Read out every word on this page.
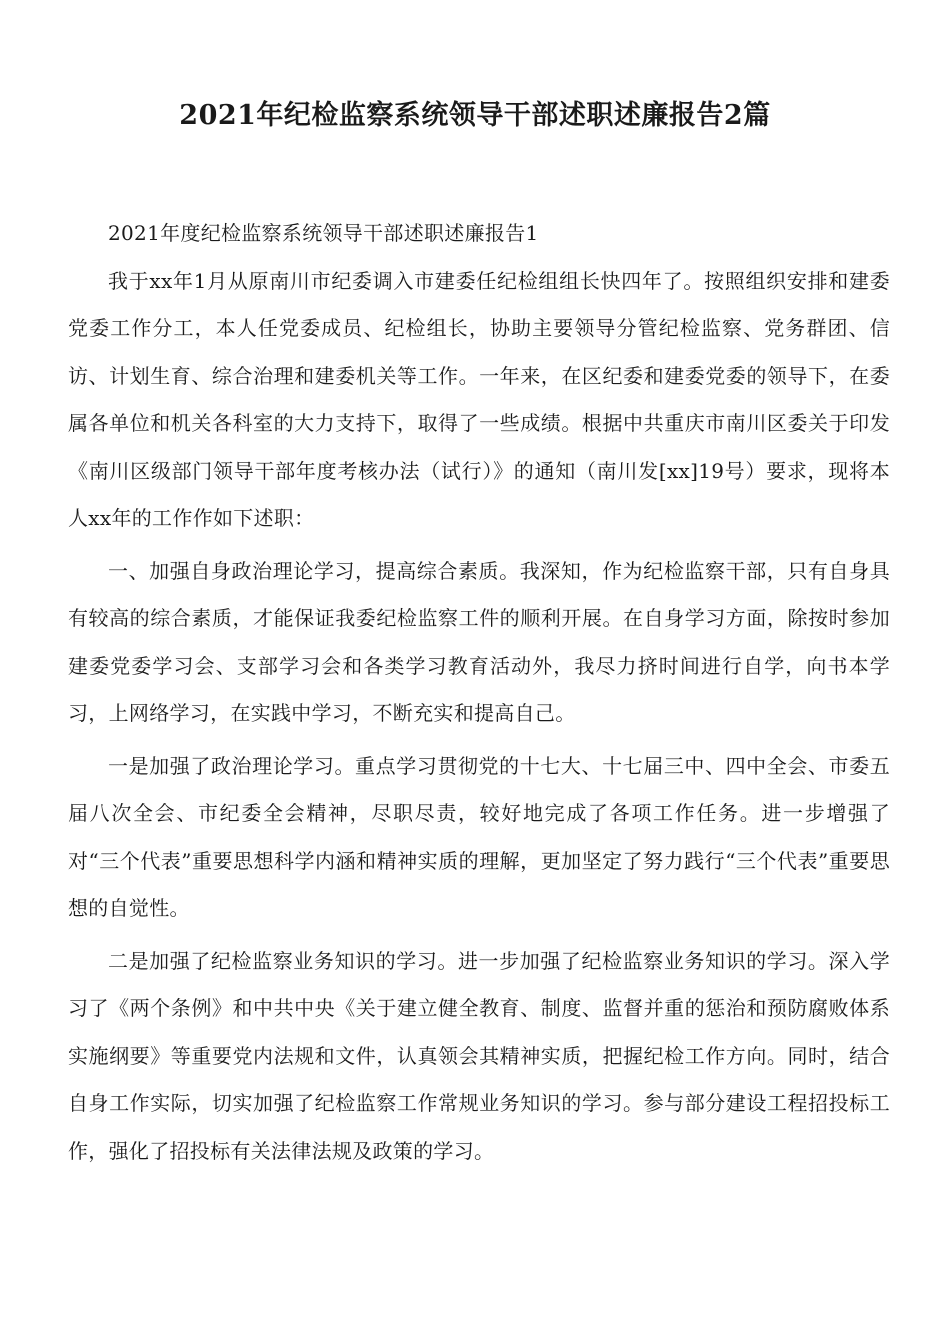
2021年纪检监察系统领导干部述职述廉报告2篇

2021年度纪检监察系统领导干部述职述廉报告1

我于xx年1月从原南川市纪委调入市建委任纪检组组长快四年了。按照组织安排和建委党委工作分工，本人任党委成员、纪检组长，协助主要领导分管纪检监察、党务群团、信访、计划生育、综合治理和建委机关等工作。一年来，在区纪委和建委党委的领导下，在委属各单位和机关各科室的大力支持下，取得了一些成绩。根据中共重庆市南川区委关于印发《南川区级部门领导干部年度考核办法（试行）》的通知（南川发[xx]19号）要求，现将本人xx年的工作作如下述职：

一、加强自身政治理论学习，提高综合素质。我深知，作为纪检监察干部，只有自身具有较高的综合素质，才能保证我委纪检监察工件的顺利开展。在自身学习方面，除按时参加建委党委学习会、支部学习会和各类学习教育活动外，我尽力挤时间进行自学，向书本学习，上网络学习，在实践中学习，不断充实和提高自己。

一是加强了政治理论学习。重点学习贯彻党的十七大、十七届三中、四中全会、市委五届八次全会、市纪委全会精神，尽职尽责，较好地完成了各项工作任务。进一步增强了对“三个代表”重要思想科学内涵和精神实质的理解，更加坚定了努力践行“三个代表”重要思想的自觉性。

二是加强了纪检监察业务知识的学习。进一步加强了纪检监察业务知识的学习。深入学习了《两个条例》和中共中央《关于建立健全教育、制度、监督并重的惩治和预防腐败体系实施纲要》等重要党内法规和文件，认真领会其精神实质，把握纪检工作方向。同时，结合自身工作实际，切实加强了纪检监察工作常规业务知识的学习。参与部分建设工程招投标工作，强化了招投标有关法律法规及政策的学习。
